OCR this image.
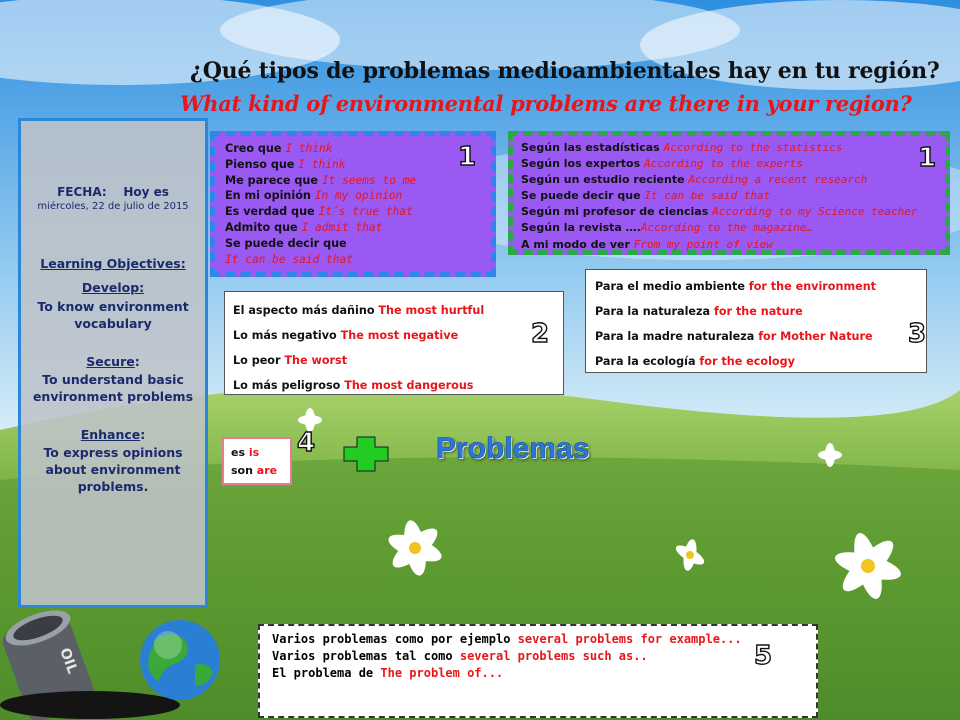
OIL
¿Qué tipos de problemas medioambientales hay en tu región?
What kind of environmental problems are there in your region?
FECHA:    Hoy es
miércoles, 22 de julio de 2015
Learning Objectives:
Develop:
To know environment vocabulary
Secure:
To understand basic environment problems
Enhance:
To express opinions about environment problems.
Creo que I think
Pienso que I think
Me parece que It seems to me
En mi opinión In my opinion
Es verdad que It´s true that
Admito que I admit that
Se puede decir que
It can be said that
1	Según las estadísticas According to the statistics
Según los expertos According to the experts
Según un estudio reciente According a recent research
Se puede decir que It can be said that
Según mi profesor de ciencias According to my Science teacher
Según la revista ….According to the magazine…
A mi modo de ver From my point of view
1
El aspecto más dañino The most hurtful
Lo más negativo The most negative
Lo peor The worst
Lo más peligroso The most dangerous
2
Para el medio ambiente for the environment
Para la naturaleza for the nature
Para la madre naturaleza for Mother Nature
Para la ecología for the ecology
3
es is
son are
4	Problemas
Varios problemas como por ejemplo several problems for example...
Varios problemas tal como several problems such as..
El problema de The problem of...
5
